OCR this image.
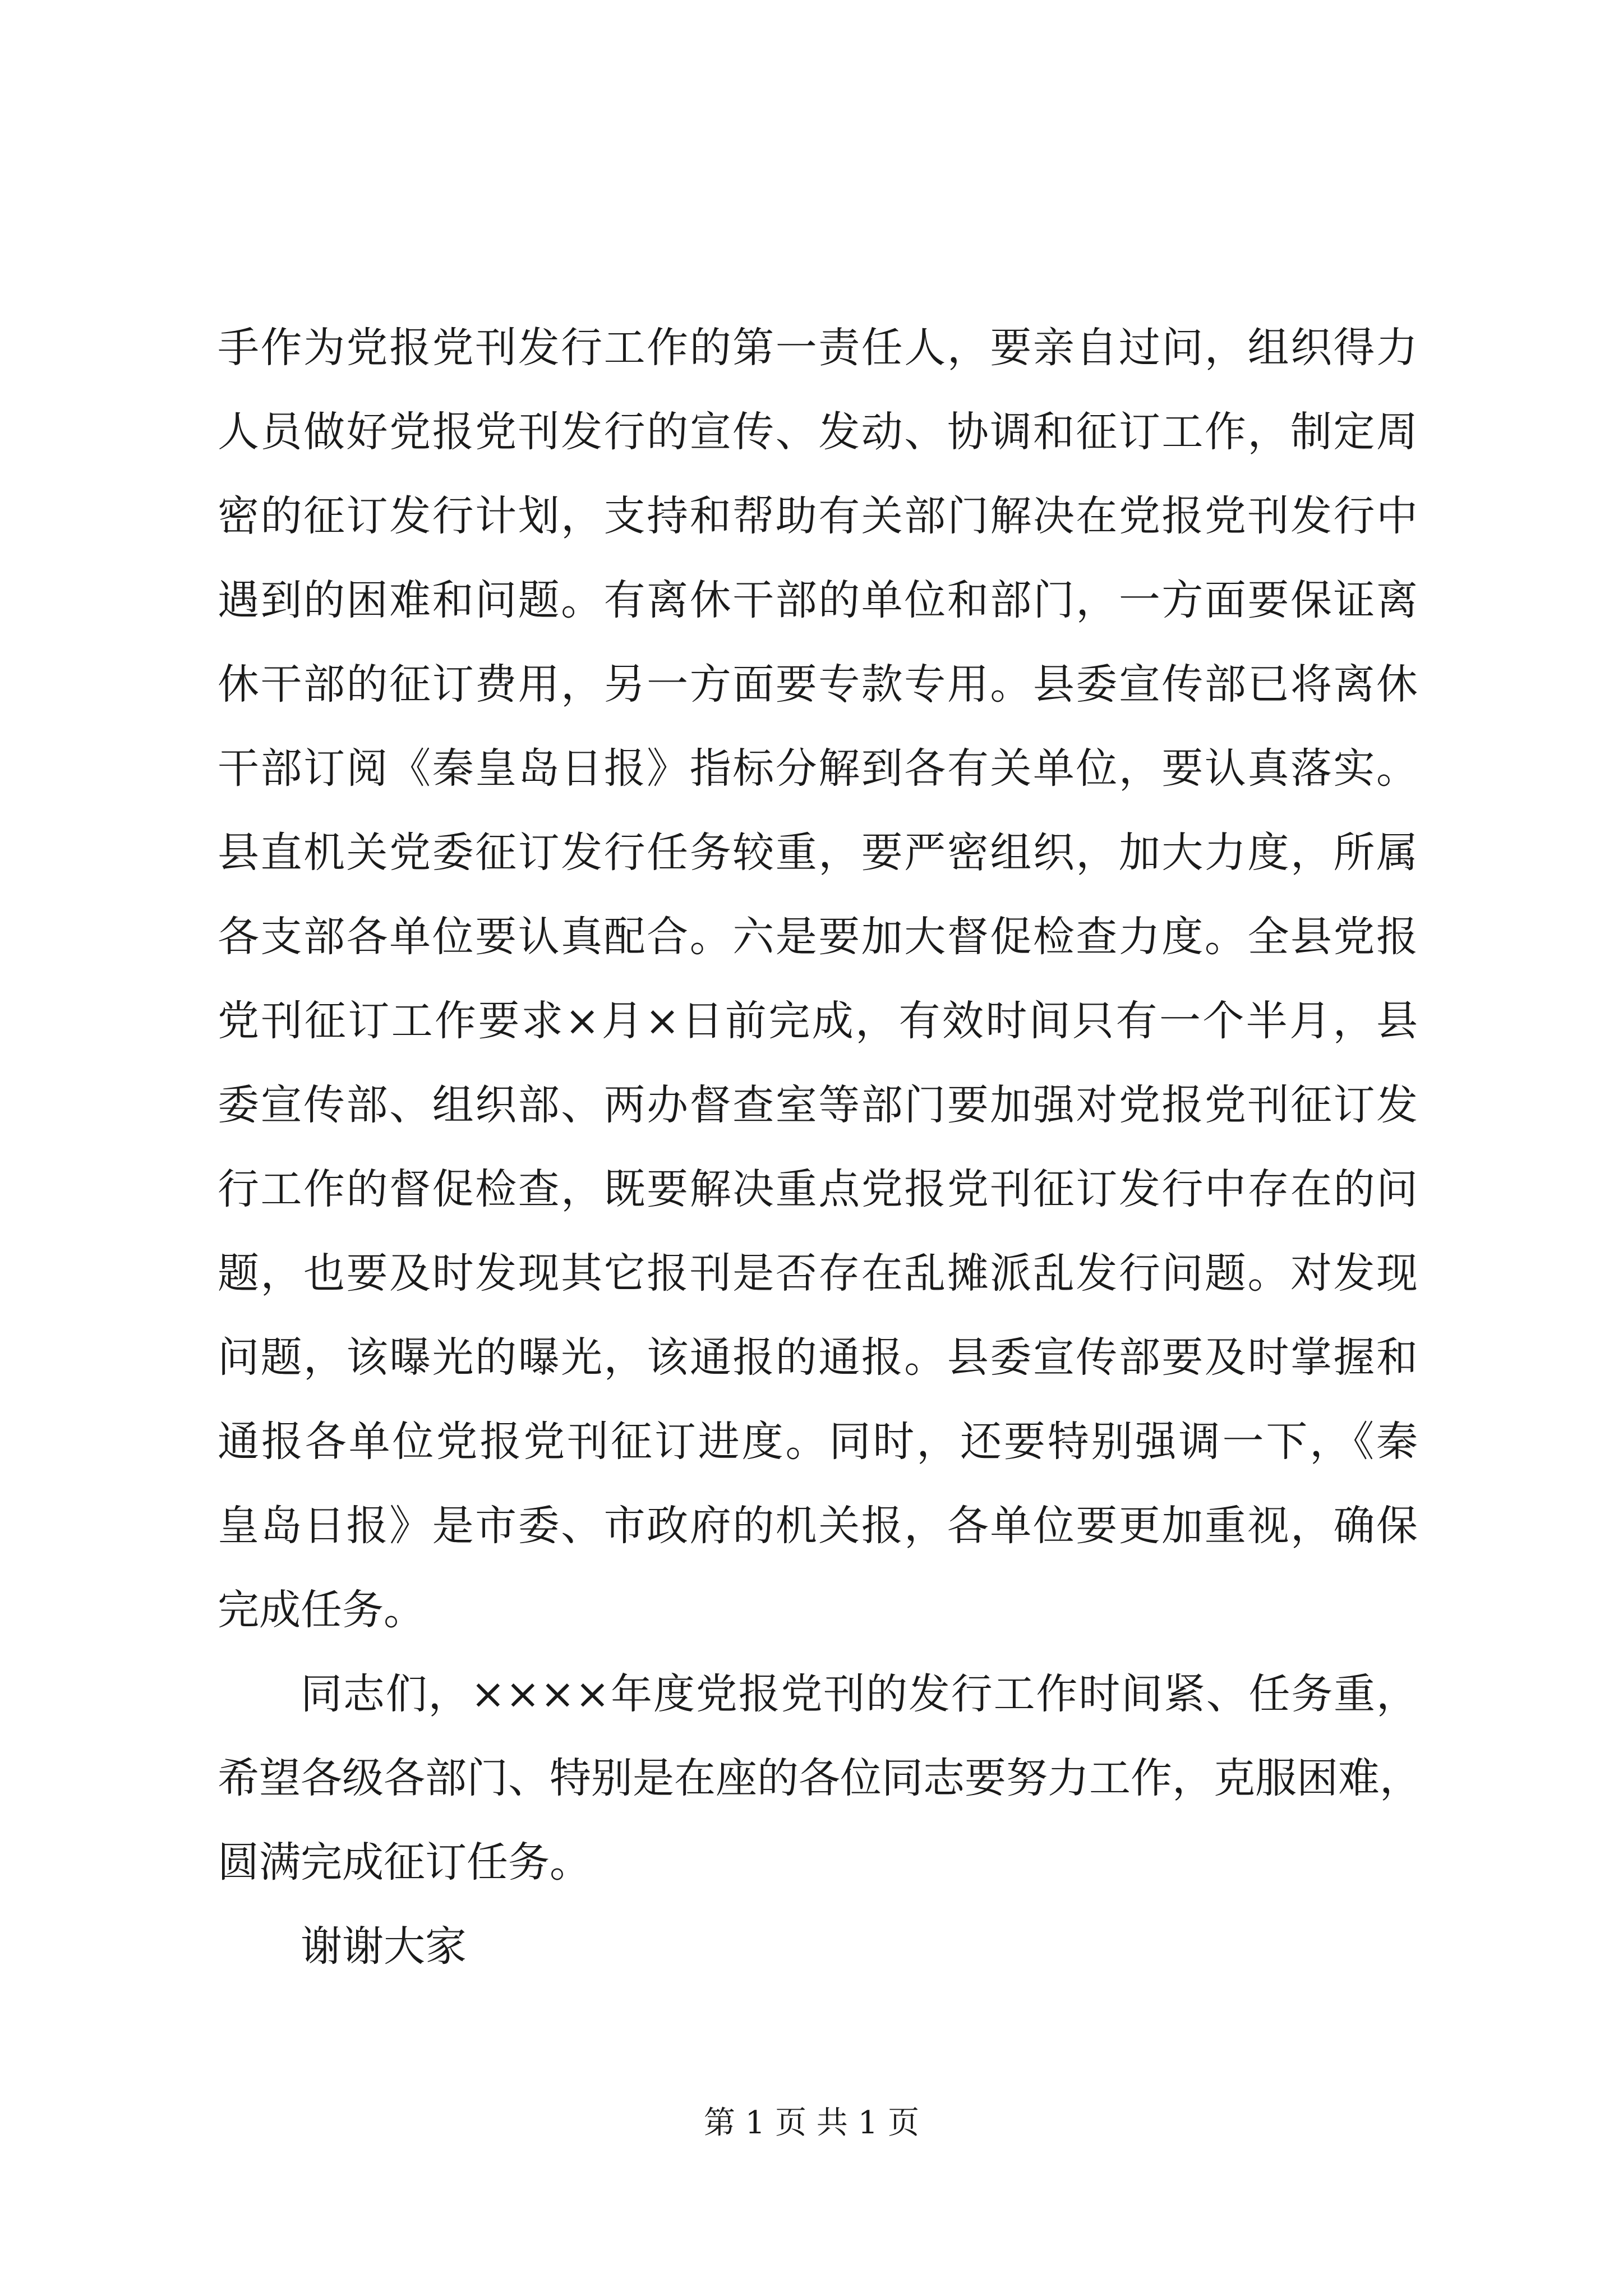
手作为党报党刊发行工作的第一责任人，要亲自过问，组织得力
人员做好党报党刊发行的宣传、发动、协调和征订工作，制定周
密的征订发行计划，支持和帮助有关部门解决在党报党刊发行中
遇到的困难和问题。有离休干部的单位和部门，一方面要保证离
休干部的征订费用，另一方面要专款专用。县委宣传部已将离休
干部订阅《秦皇岛日报》指标分解到各有关单位，要认真落实。
县直机关党委征订发行任务较重，要严密组织，加大力度，所属
各支部各单位要认真配合。六是要加大督促检查力度。全县党报
党刊征订工作要求×月×日前完成，有效时间只有一个半月，县
委宣传部、组织部、两办督查室等部门要加强对党报党刊征订发
行工作的督促检查，既要解决重点党报党刊征订发行中存在的问
题，也要及时发现其它报刊是否存在乱摊派乱发行问题。对发现
问题，该曝光的曝光，该通报的通报。县委宣传部要及时掌握和
通报各单位党报党刊征订进度。同时，还要特别强调一下，《秦
皇岛日报》是市委、市政府的机关报，各单位要更加重视，确保
完成任务。
同志们，××××年度党报党刊的发行工作时间紧、任务重，
希望各级各部门、特别是在座的各位同志要努力工作，克服困难，
圆满完成征订任务。
谢谢大家
第 1 页 共 1 页
